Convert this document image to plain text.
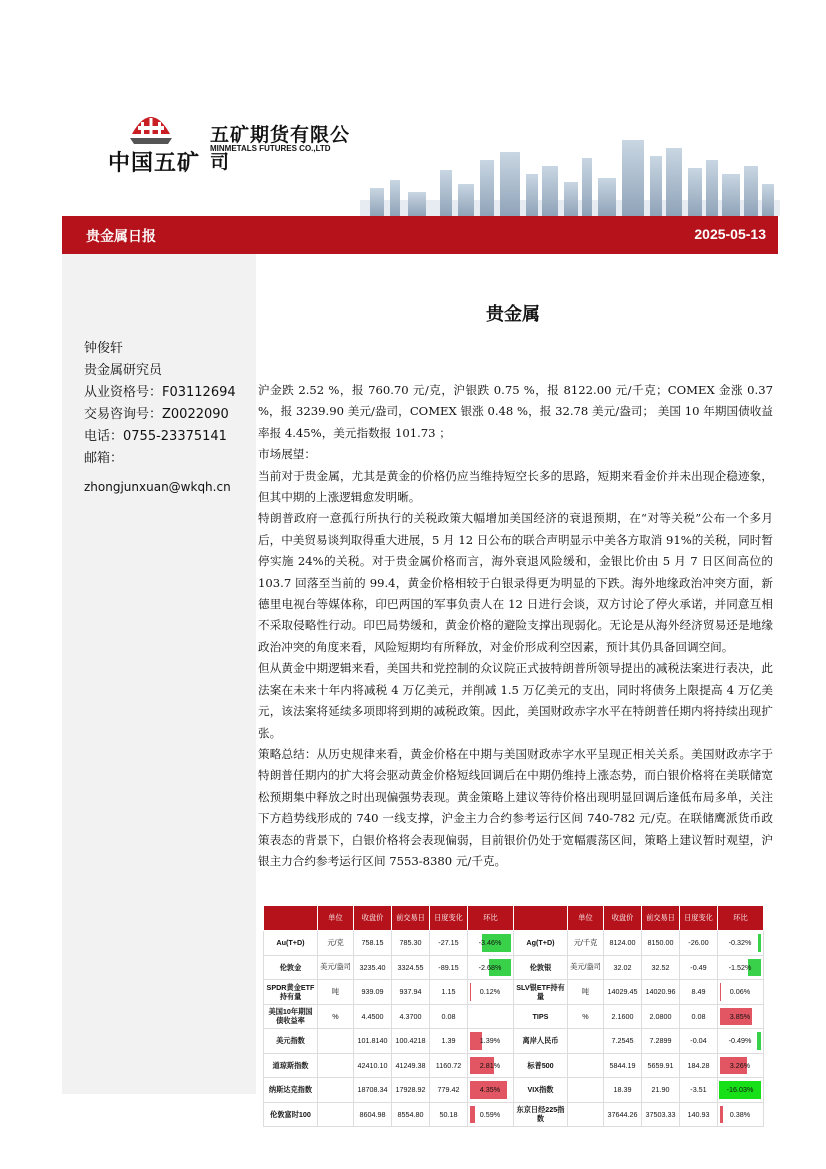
中国五矿
五矿期货有限公司
MINMETALS FUTURES CO.,LTD
贵金属日报	2025-05-13
钟俊轩
贵金属研究员
从业资格号：F03112694
交易咨询号：Z0022090
电话：0755-23375141
邮箱：
zhongjunxuan@wkqh.cn
贵金属

沪金跌 2.52 %，报 760.70 元/克，沪银跌 0.75 %，报 8122.00 元/千克；COMEX 金涨 0.37 %，报 3239.90 美元/盎司，COMEX 银涨 0.48 %，报 32.78 美元/盎司； 美国 10 年期国债收益率报 4.45%，美元指数报 101.73 ；

市场展望：

当前对于贵金属，尤其是黄金的价格仍应当维持短空长多的思路，短期来看金价并未出现企稳迹象，但其中期的上涨逻辑愈发明晰。

特朗普政府一意孤行所执行的关税政策大幅增加美国经济的衰退预期，在“对等关税”公布一个多月后，中美贸易谈判取得重大进展，5 月 12 日公布的联合声明显示中美各方取消 91%的关税，同时暂停实施 24%的关税。对于贵金属价格而言，海外衰退风险缓和，金银比价由 5 月 7 日区间高位的 103.7 回落至当前的 99.4，黄金价格相较于白银录得更为明显的下跌。海外地缘政治冲突方面，新德里电视台等媒体称，印巴两国的军事负责人在 12 日进行会谈，双方讨论了停火承诺，并同意互相不采取侵略性行动。印巴局势缓和，黄金价格的避险支撑出现弱化。无论是从海外经济贸易还是地缘政治冲突的角度来看，风险短期均有所释放，对金价形成利空因素，预计其仍具备回调空间。

但从黄金中期逻辑来看，美国共和党控制的众议院正式披特朗普所领导提出的减税法案进行表决，此法案在未来十年内将减税 4 万亿美元，并削减 1.5 万亿美元的支出，同时将债务上限提高 4 万亿美元，该法案将延续多项即将到期的减税政策。因此，美国财政赤字水平在特朗普任期内将持续出现扩张。

策略总结：从历史规律来看，黄金价格在中期与美国财政赤字水平呈现正相关关系。美国财政赤字于特朗普任期内的扩大将会驱动黄金价格短线回调后在中期仍维持上涨态势，而白银价格将在美联储宽松预期集中释放之时出现偏强势表现。黄金策略上建议等待价格出现明显回调后逢低布局多单，关注下方趋势线形成的 740 一线支撑，沪金主力合约参考运行区间 740-782 元/克。在联储鹰派货币政策表态的背景下，白银价格将会表现偏弱，目前银价仍处于宽幅震荡区间，策略上建议暂时观望，沪银主力合约参考运行区间 7553-8380 元/千克。

	单位	收盘价	前交易日	日度变化	环比		单位	收盘价	前交易日	日度变化	环比
Au(T+D)	元/克	758.15	785.30	-27.15	-3.46%	Ag(T+D)	元/千克	8124.00	8150.00	-26.00	-0.32%
伦敦金	美元/盎司	3235.40	3324.55	-89.15	-2.68%	伦敦银	美元/盎司	32.02	32.52	-0.49	-1.52%
SPDR黄金ETF持有量	吨	939.09	937.94	1.15	0.12%	SLV银ETF持有量	吨	14029.45	14020.96	8.49	0.06%
美国10年期国债收益率	%	4.4500	4.3700	0.08		TIPS	%	2.1600	2.0800	0.08	3.85%
美元指数		101.8140	100.4218	1.39	1.39%	离岸人民币		7.2545	7.2899	-0.04	-0.49%
道琼斯指数		42410.10	41249.38	1160.72	2.81%	标普500		5844.19	5659.91	184.28	3.26%
纳斯达克指数		18708.34	17928.92	779.42	4.35%	VIX指数		18.39	21.90	-3.51	-16.03%
伦敦富时100		8604.98	8554.80	50.18	0.59%	东京日经225指数		37644.26	37503.33	140.93	0.38%
